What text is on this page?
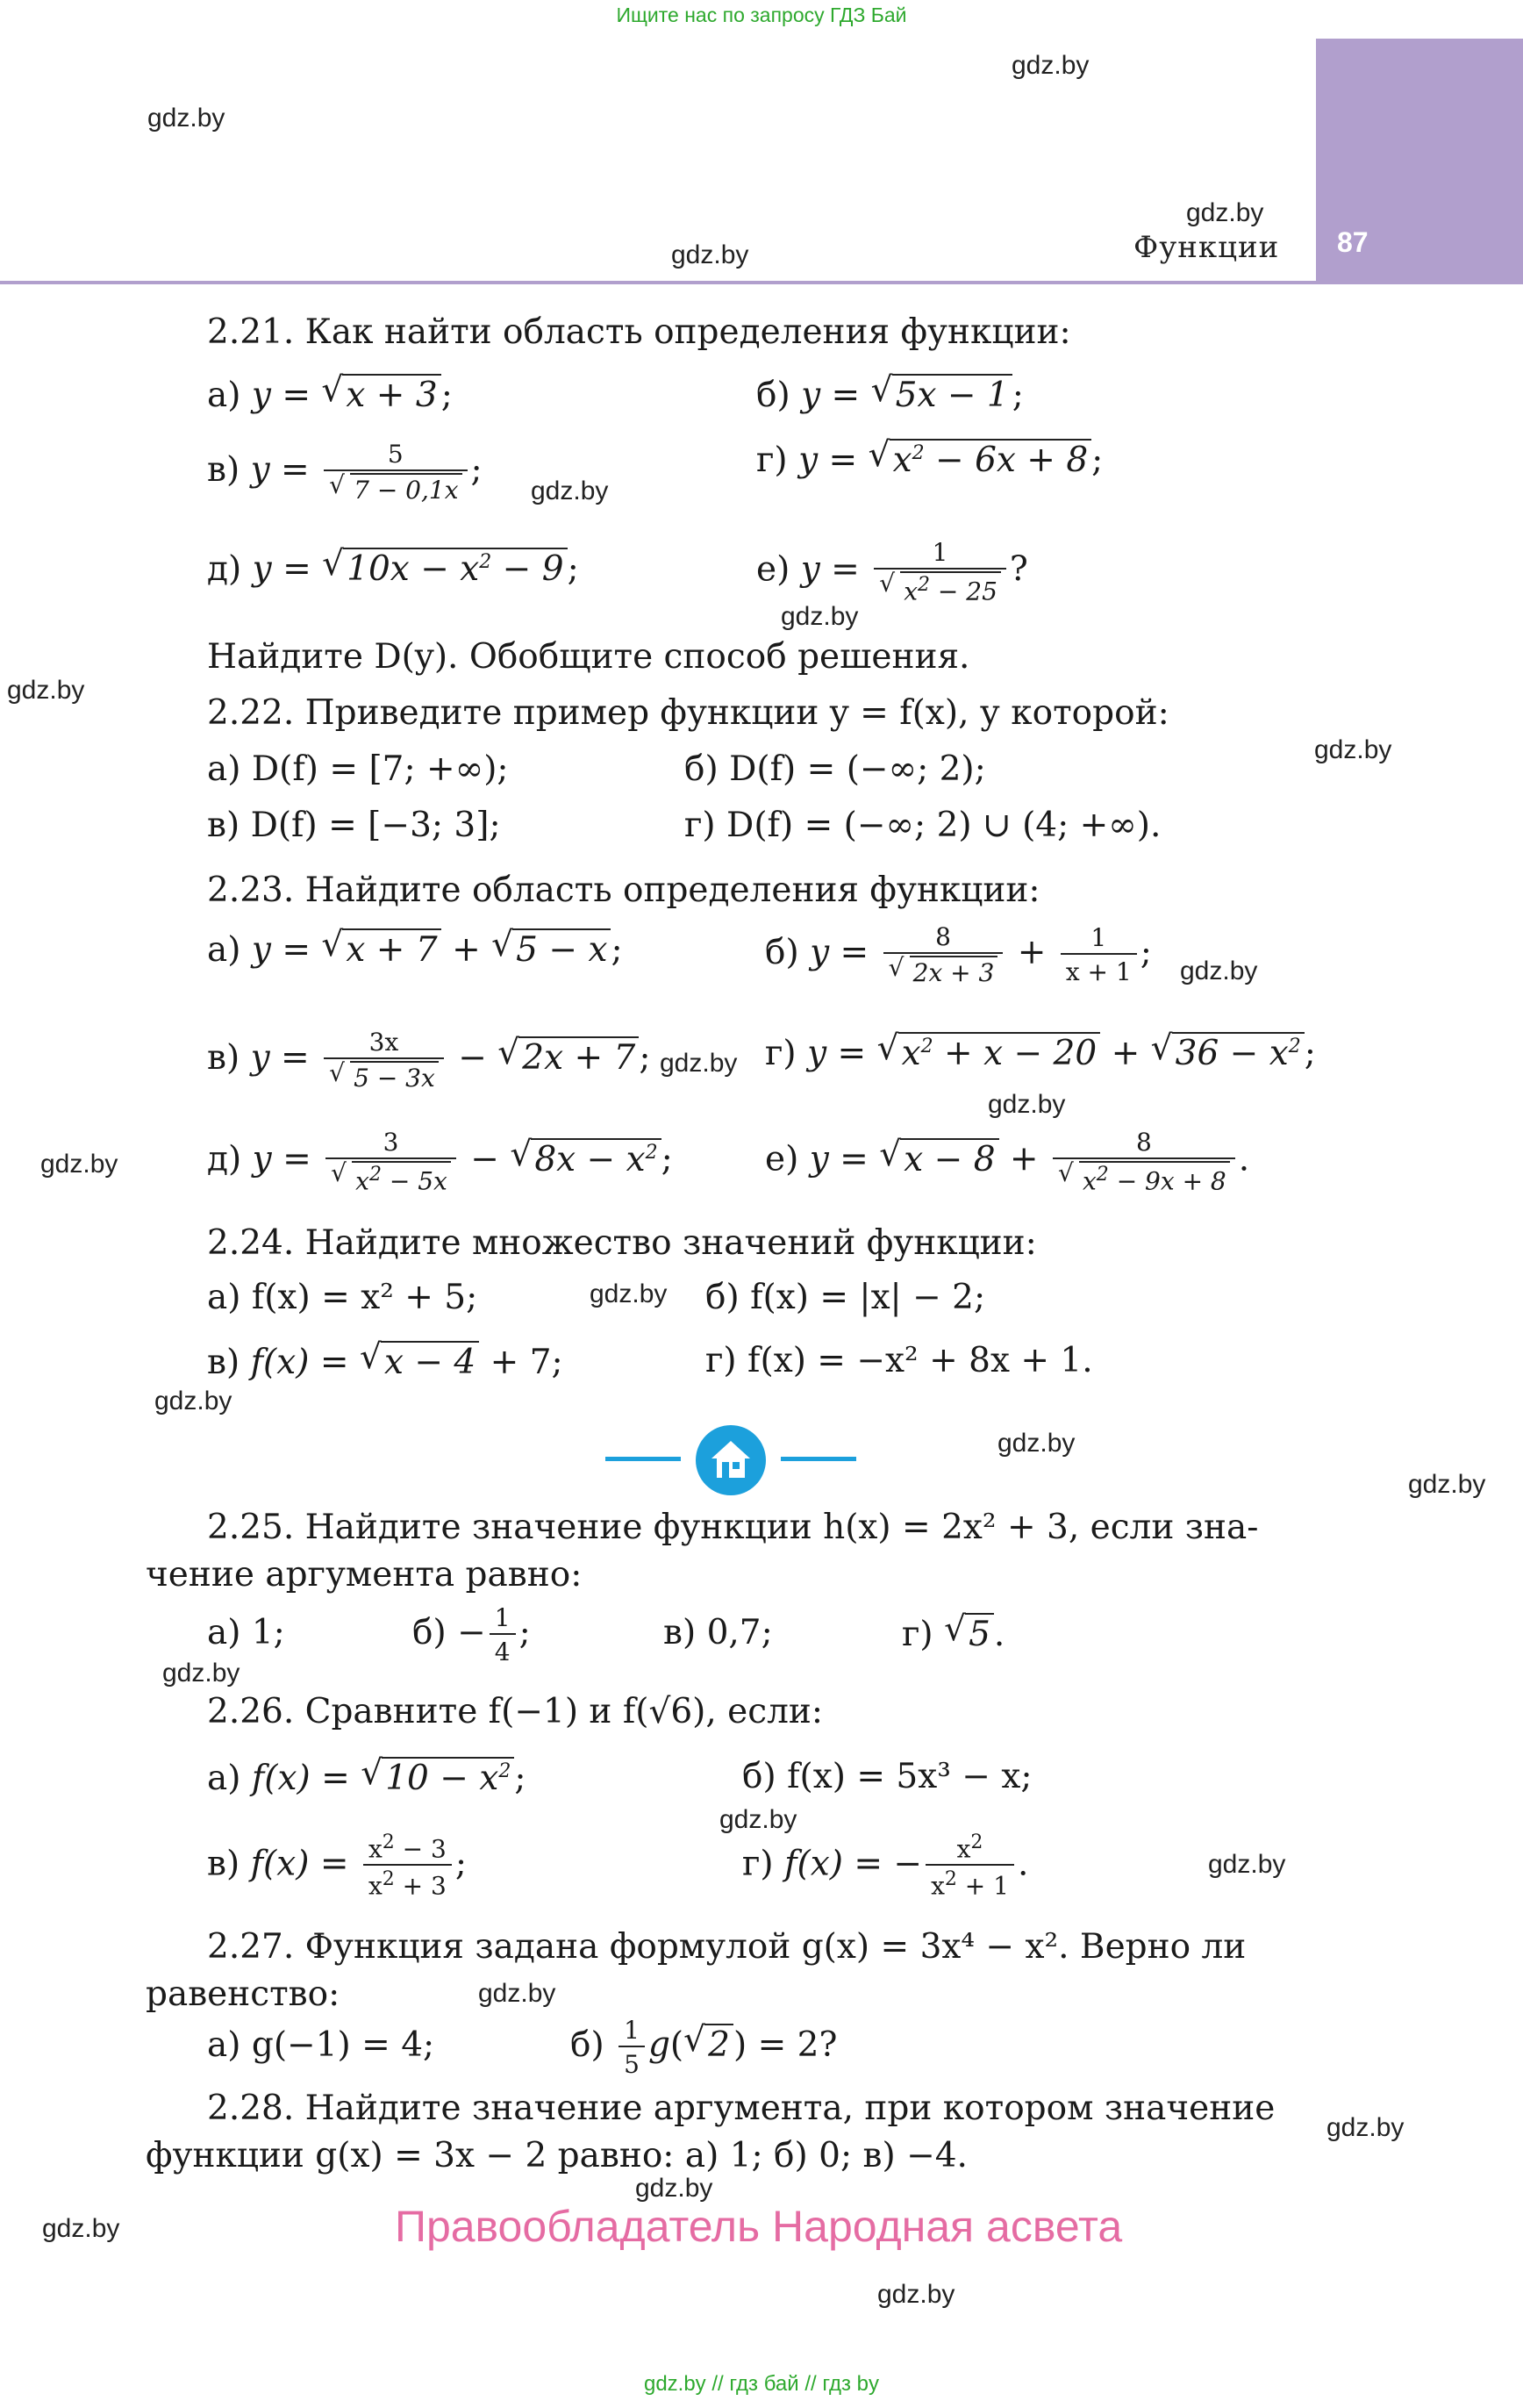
Ищите нас по запросу ГДЗ Бай
87
Функции
gdz.by
gdz.by
gdz.by
gdz.by
gdz.by
gdz.by
gdz.by
gdz.by
gdz.by
gdz.by
gdz.by
gdz.by
gdz.by
gdz.by
gdz.by
gdz.by
gdz.by
gdz.by
gdz.by
gdz.by
gdz.by
gdz.by
gdz.by
gdz.by
2.21. Как найти область определения функции:
а) y = √ x + 3 ;	б) y = √ 5x − 1 ;
в) y = 5
√ 7 − 0,1x ;	г) y = √ $x^2 - 6x + 8$ ;
д) y = √ $10x - x^2 - 9$ ;	е) y = 1
√ $x^2 - 25$ ?
Найдите D(y). Обобщите способ решения.
2.22. Приведите пример функции y = f(x), у которой:
а) D(f) = [7; +∞);	б) D(f) = (−∞; 2);
в) D(f) = [−3; 3];	г) D(f) = (−∞; 2) ∪ (4; +∞).
2.23. Найдите область определения функции:
а) y = √ x + 7 + √ 5 − x ;	б) y = 8
√ $2x + 3 + \frac{1}{x + 1}$ ;
в) y = 3x
√ 5 − 3x − √ 2x + 7 ;	г) y = √ $x^2 + x - 20$ + √ $36 - x^2$ ;
д) y = 3
√ $x^2 - 5x$ − √ $8x - x^2$ ;	е) y = √ x − 8 + 8
√ $x^2 - 9x + 8$ .
2.24. Найдите множество значений функции:
а) f(x) = x² + 5;	б) f(x) = |x| − 2;
в) f(x) = √ x − 4 + 7;	г) f(x) = −x² + 8x + 1.
2.25. Найдите значение функции h(x) = 2x² + 3, если зна-
чение аргумента равно:
а) 1;	$б) - \frac{1}{4}$ ;	в) 0,7;	г) √ 5 .
2.26. Сравните f(−1) и f(√6), если:
а) f(x) = √ $10 - x^2$ ;	б) f(x) = 5x³ − x;
в) $f(x) = \frac{x^2 - 3}{x^2 + 3}$ ;	г) f(x) = − $\frac{x^2}{x^2 + 1}$ .
2.27. Функция задана формулой g(x) = 3x⁴ − x². Верно ли
равенство:
а) g(−1) = 4;	$б) \frac{1}{5} g(√$ 2 ) = 2?
2.28. Найдите значение аргумента, при котором значение
функции g(x) = 3x − 2 равно: а) 1; б) 0; в) −4.
Правообладатель Народная асвета
gdz.by // гдз бай // гдз by
